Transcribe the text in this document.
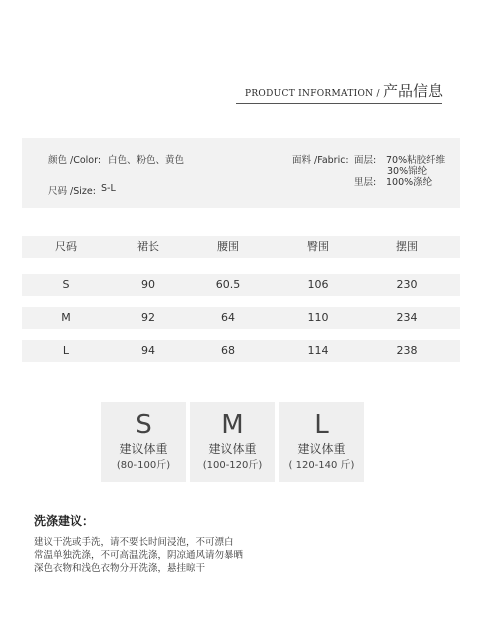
PRODUCT INFORMATION / 产品信息
颜色 /Color: 白色、粉色、黄色
尺码 /Size: S-L
面料 /Fabric: 面层: 70%粘胶纤维
30%锦纶
里层: 100%涤纶
尺码	裙长	腰围	臀围	摆围
S	90	60.5	106	230
M	92	64	110	234
L	94	68	114	238
S
建议体重
(80-100斤)
M
建议体重
(100-120斤)
L
建议体重
( 120-140 斤)
洗涤建议：
建议干洗或手洗，请不要长时间浸泡，不可漂白
常温单独洗涤，不可高温洗涤，阴凉通风请勿暴晒
深色衣物和浅色衣物分开洗涤，悬挂晾干
